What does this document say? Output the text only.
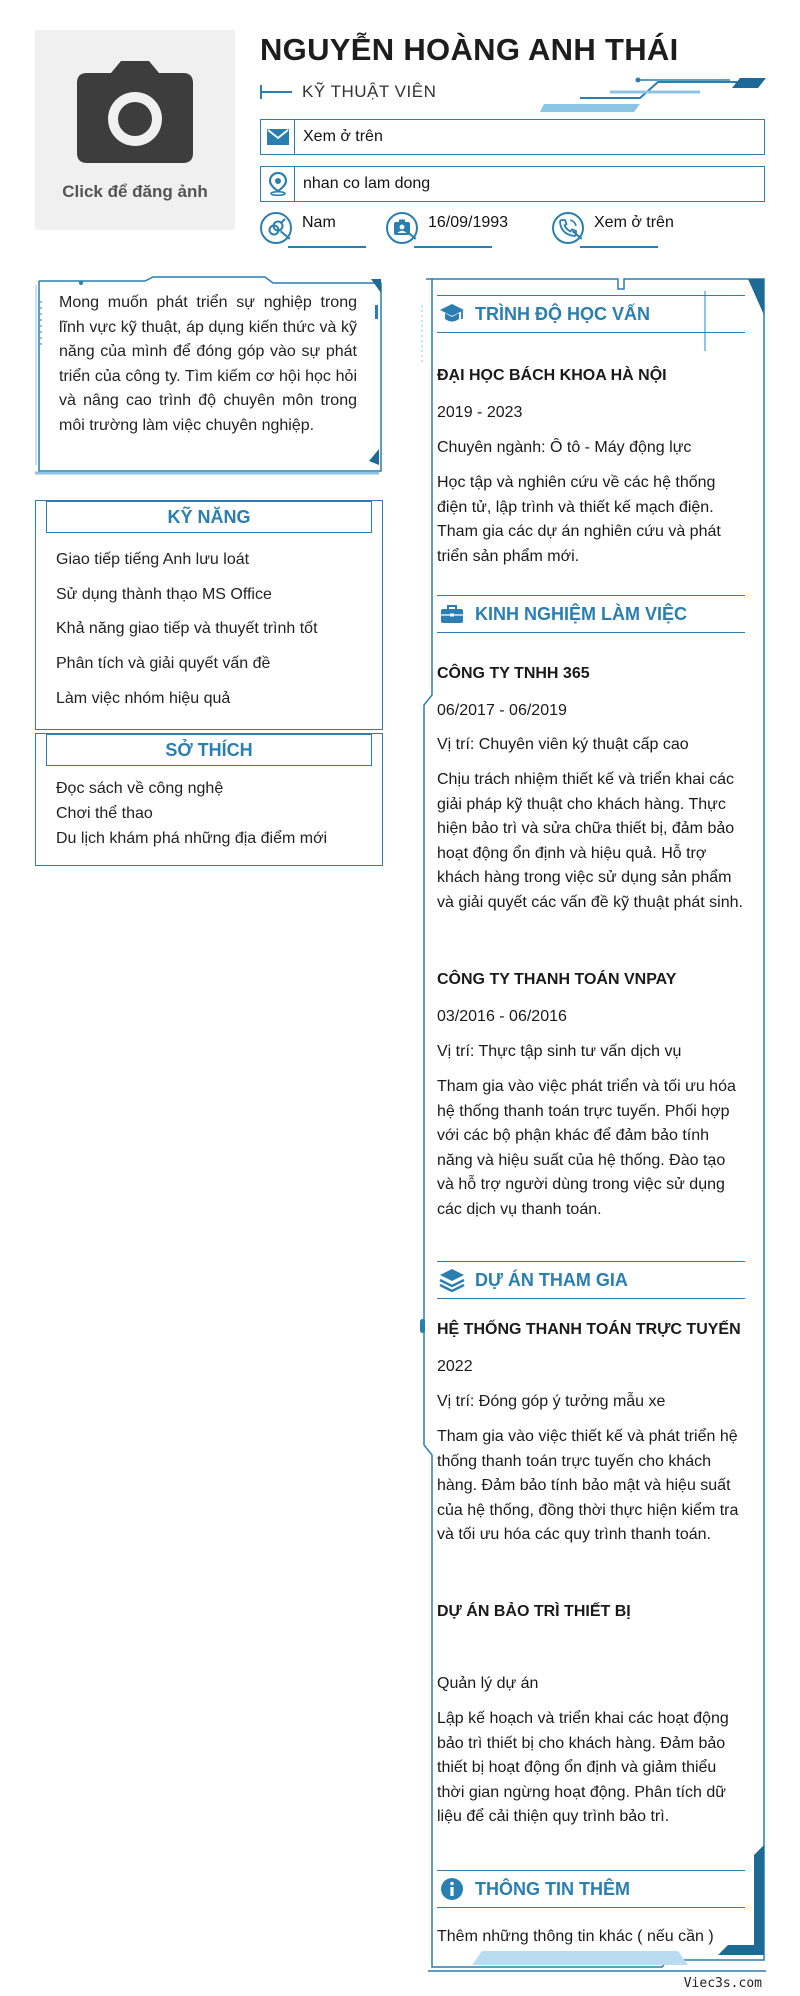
Click để đăng ảnh
NGUYỄN HOÀNG ANH THÁI
KỸ THUẬT VIÊN
Xem ở trên
nhan co lam dong
Nam	16/09/1993	Xem ở trên

Mong muốn phát triển sự nghiệp trong lĩnh vực kỹ thuật, áp dụng kiến thức và kỹ năng của mình để đóng góp vào sự phát triển của công ty. Tìm kiếm cơ hội học hỏi và nâng cao trình độ chuyên môn trong môi trường làm việc chuyên nghiệp.

KỸ NĂNG
Giao tiếp tiếng Anh lưu loát
Sử dụng thành thạo MS Office
Khả năng giao tiếp và thuyết trình tốt
Phân tích và giải quyết vấn đề
Làm việc nhóm hiệu quả
SỞ THÍCH
Đọc sách về công nghệ
Chơi thể thao
Du lịch khám phá những địa điểm mới
TRÌNH ĐỘ HỌC VẤN
ĐẠI HỌC BÁCH KHOA HÀ NỘI
2019 - 2023
Chuyên ngành: Ô tô - Máy động lực
Học tập và nghiên cứu về các hệ thống điện tử, lập trình và thiết kế mạch điện. Tham gia các dự án nghiên cứu và phát triển sản phẩm mới.
KINH NGHIỆM LÀM VIỆC
CÔNG TY TNHH 365
06/2017 - 06/2019
Vị trí: Chuyên viên ký thuật cấp cao
Chịu trách nhiệm thiết kế và triển khai các giải pháp kỹ thuật cho khách hàng. Thực hiện bảo trì và sửa chữa thiết bị, đảm bảo hoạt động ổn định và hiệu quả. Hỗ trợ khách hàng trong việc sử dụng sản phẩm và giải quyết các vấn đề kỹ thuật phát sinh.
CÔNG TY THANH TOÁN VNPAY
03/2016 - 06/2016
Vị trí: Thực tập sinh tư vấn dịch vụ
Tham gia vào việc phát triển và tối ưu hóa hệ thống thanh toán trực tuyến. Phối hợp với các bộ phận khác để đảm bảo tính năng và hiệu suất của hệ thống. Đào tạo và hỗ trợ người dùng trong việc sử dụng các dịch vụ thanh toán.
DỰ ÁN THAM GIA
HỆ THỐNG THANH TOÁN TRỰC TUYẾN
2022
Vị trí: Đóng góp ý tưởng mẫu xe
Tham gia vào việc thiết kế và phát triển hệ thống thanh toán trực tuyến cho khách hàng. Đảm bảo tính bảo mật và hiệu suất của hệ thống, đồng thời thực hiện kiểm tra và tối ưu hóa các quy trình thanh toán.
DỰ ÁN BẢO TRÌ THIẾT BỊ
Quản lý dự án
Lập kế hoạch và triển khai các hoạt động bảo trì thiết bị cho khách hàng. Đảm bảo thiết bị hoạt động ổn định và giảm thiểu thời gian ngừng hoạt động. Phân tích dữ liệu để cải thiện quy trình bảo trì.
THÔNG TIN THÊM
Thêm những thông tin khác ( nếu cần )
Viec3s.com
